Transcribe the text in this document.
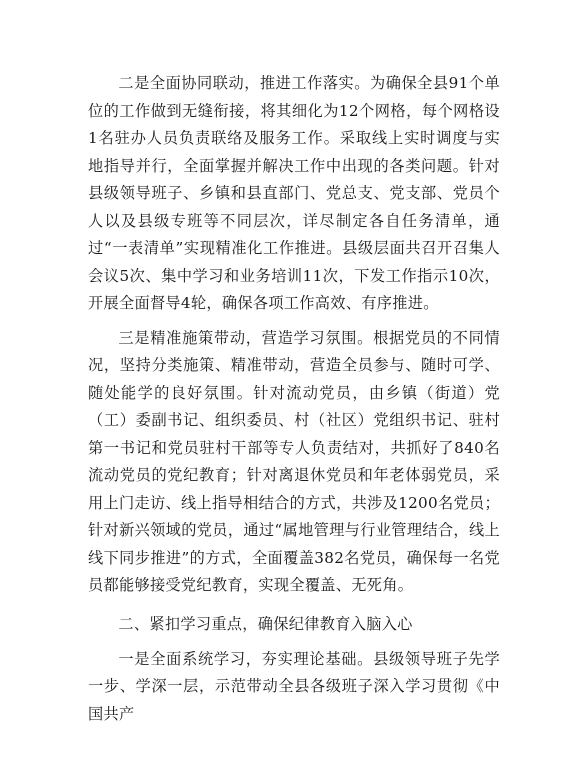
二是全面协同联动，推进工作落实。为确保全县91个单位的工作做到无缝衔接，将其细化为12个网格，每个网格设1名驻办人员负责联络及服务工作。采取线上实时调度与实地指导并行，全面掌握并解决工作中出现的各类问题。针对县级领导班子、乡镇和县直部门、党总支、党支部、党员个人以及县级专班等不同层次，详尽制定各自任务清单，通过“一表清单”实现精准化工作推进。县级层面共召开召集人会议5次、集中学习和业务培训11次，下发工作指示10次，开展全面督导4轮，确保各项工作高效、有序推进。

三是精准施策带动，营造学习氛围。根据党员的不同情况，坚持分类施策、精准带动，营造全员参与、随时可学、随处能学的良好氛围。针对流动党员，由乡镇（街道）党（工）委副书记、组织委员、村（社区）党组织书记、驻村第一书记和党员驻村干部等专人负责结对，共抓好了840名流动党员的党纪教育；针对离退休党员和年老体弱党员，采用上门走访、线上指导相结合的方式，共涉及1200名党员；针对新兴领域的党员，通过“属地管理与行业管理结合，线上线下同步推进”的方式，全面覆盖382名党员，确保每一名党员都能够接受党纪教育，实现全覆盖、无死角。

二、紧扣学习重点，确保纪律教育入脑入心

一是全面系统学习，夯实理论基础。县级领导班子先学一步、学深一层，示范带动全县各级班子深入学习贯彻《中国共产
